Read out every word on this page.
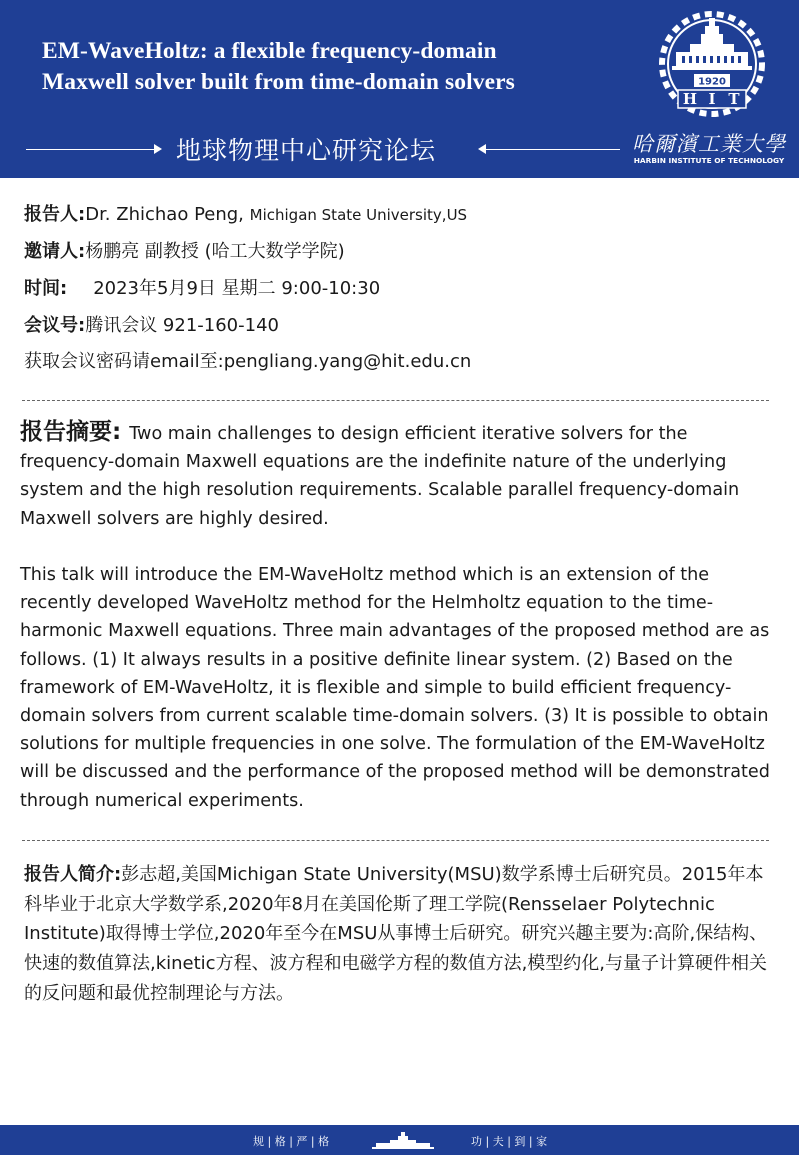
EM-WaveHoltz: a flexible frequency-domain
Maxwell solver built from time-domain solvers
地球物理中心研究论坛
1920
H I T
哈爾濱工業大學
HARBIN INSTITUTE OF TECHNOLOGY
报告人:Dr. Zhichao Peng, Michigan State University,US
邀请人:杨鹏亮 副教授 (哈工大数学学院)
时间: 2023年5月9日 星期二 9:00-10:30
会议号:腾讯会议 921-160-140
获取会议密码请email至:pengliang.yang@hit.edu.cn

报告摘要: Two main challenges to design efficient iterative solvers for the frequency-domain Maxwell equations are the indefinite nature of the underlying system and the high resolution requirements. Scalable parallel frequency-domain Maxwell solvers are highly desired.

This talk will introduce the EM-WaveHoltz method which is an extension of the recently developed WaveHoltz method for the Helmholtz equation to the time-harmonic Maxwell equations. Three main advantages of the proposed method are as follows. (1) It always results in a positive definite linear system. (2) Based on the framework of EM-WaveHoltz, it is flexible and simple to build efficient frequency-domain solvers from current scalable time-domain solvers. (3) It is possible to obtain solutions for multiple frequencies in one solve. The formulation of the EM-WaveHoltz will be discussed and the performance of the proposed method will be demonstrated through numerical experiments.

报告人简介:彭志超,美国Michigan State University(MSU)数学系博士后研究员。2015年本科毕业于北京大学数学系,2020年8月在美国伦斯了理工学院(Rensselaer Polytechnic Institute)取得博士学位,2020年至今在MSU从事博士后研究。研究兴趣主要为:高阶,保结构、快速的数值算法,kinetic方程、波方程和电磁学方程的数值方法,模型约化,与量子计算硬件相关的反问题和最优控制理论与方法。
规 | 格 | 严 | 格	功 | 夫 | 到 | 家
